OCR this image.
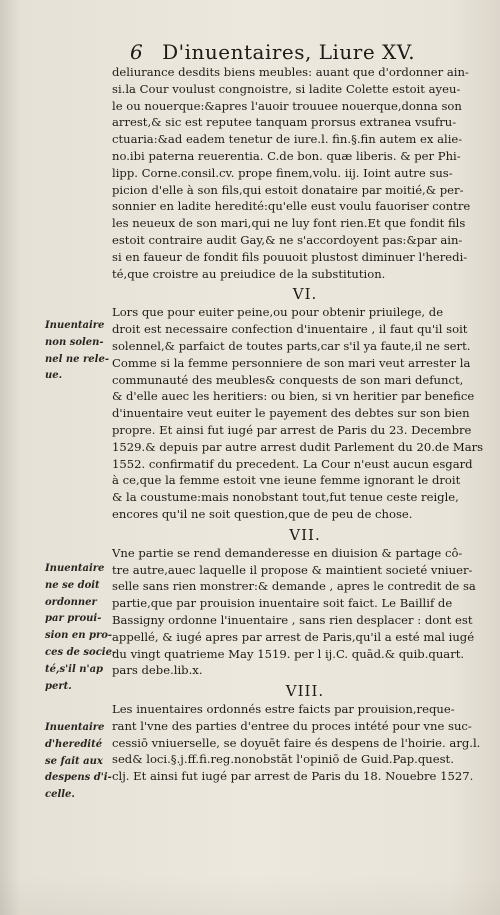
6 D'inuentaires, Liure XV.
deliurance desdits biens meubles: auant que d'ordonner ain-
si.la Cour voulust congnoistre, si ladite Colette estoit ayeu-
le ou nouerque:&apres l'auoir trouuee nouerque,donna son
arrest,& sic est reputee tanquam prorsus extranea vsufru-
ctuaria:&ad eadem tenetur de iure.l. fin.§.fin autem ex alie-
no.ibi paterna reuerentia. C.de bon. quæ liberis. & per Phi-
lipp. Corne.consil.cv. prope finem,volu. iij. Ioint autre sus-
picion d'elle à son fils,qui estoit donataire par moitié,& per-
sonnier en ladite heredité:qu'elle eust voulu fauoriser contre
les neueux de son mari,qui ne luy font rien.Et que fondit fils
estoit contraire audit Gay,& ne s'accordoyent pas:&par ain-
si en faueur de fondit fils pouuoit plustost diminuer l'heredi-
té,que croistre au preiudice de la substitution.
VI.
Lors que pour euiter peine,ou pour obtenir priuilege, de
droit est necessaire confection d'inuentaire , il faut qu'il soit
solennel,& parfaict de toutes parts,car s'il ya faute,il ne sert.
Comme si la femme personniere de son mari veut arrester la
communauté des meubles& conquests de son mari defunct,
& d'elle auec les heritiers: ou bien, si vn heritier par benefice
d'inuentaire veut euiter le payement des debtes sur son bien
propre. Et ainsi fut iugé par arrest de Paris du 23. Decembre
1529.& depuis par autre arrest dudit Parlement du 20.de Mars
1552. confirmatif du precedent. La Cour n'eust aucun esgard
à ce,que la femme estoit vne ieune femme ignorant le droit
& la coustume:mais nonobstant tout,fut tenue ceste reigle,
encores qu'il ne soit question,que de peu de chose.
VII.
Vne partie se rend demanderesse en diuision & partage cô-
tre autre,auec laquelle il propose & maintient societé vniuer-
selle sans rien monstrer:& demande , apres le contredit de sa
partie,que par prouision inuentaire soit faict. Le Baillif de
Bassigny ordonne l'inuentaire , sans rien desplacer : dont est
appellé, & iugé apres par arrest de Paris,qu'il a esté mal iugé
du vingt quatrieme May 1519. per l ij.C. quād.& quib.quart.
pars debe.lib.x.
VIII.
Les inuentaires ordonnés estre faicts par prouision,reque-
rant l'vne des parties d'entree du proces intété pour vne suc-
cessiō vniuerselle, se doyuēt faire és despens de l'hoirie. arg.l.
sed& loci.§.j.ff.fi.reg.nonobstāt l'opiniō de Guid.Pap.quest.
clj. Et ainsi fut iugé par arrest de Paris du 18. Nouebre 1527.
Inuentaire
non solen-
nel ne rele-
ue.
Inuentaire
ne se doit
ordonner
par proui-
sion en pro-
ces de socie-
té,s'il n'ap
pert.
Inuentaire
d'heredité
se fait aux
despens d'i-
celle.
